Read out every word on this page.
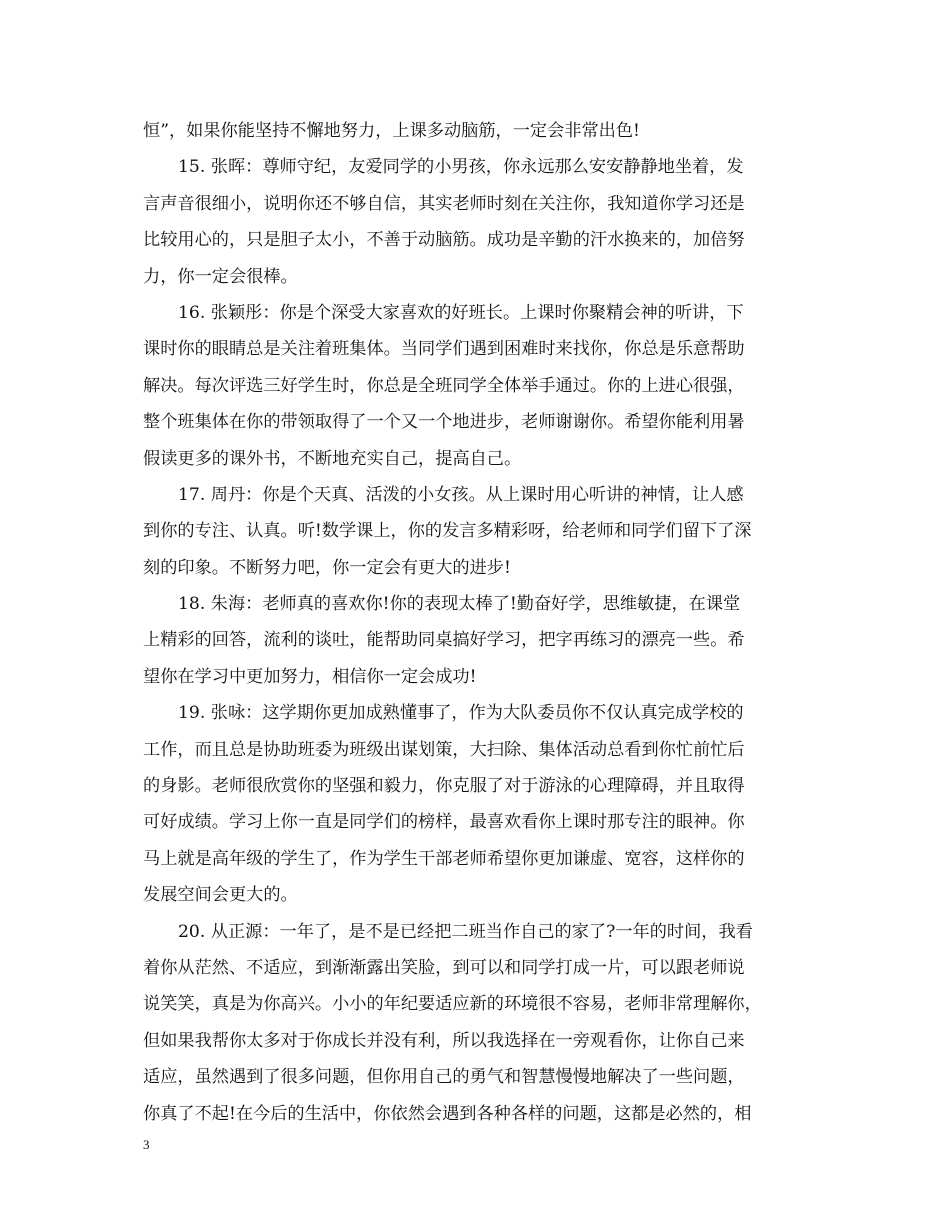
恒”，如果你能坚持不懈地努力，上课多动脑筋，一定会非常出色!
15. 张晖：尊师守纪，友爱同学的小男孩，你永远那么安安静静地坐着，发
言声音很细小，说明你还不够自信，其实老师时刻在关注你，我知道你学习还是
比较用心的，只是胆子太小，不善于动脑筋。成功是辛勤的汗水换来的，加倍努
力，你一定会很棒。
16. 张颖彤：你是个深受大家喜欢的好班长。上课时你聚精会神的听讲，下
课时你的眼睛总是关注着班集体。当同学们遇到困难时来找你，你总是乐意帮助
解决。每次评选三好学生时，你总是全班同学全体举手通过。你的上进心很强，
整个班集体在你的带领取得了一个又一个地进步，老师谢谢你。希望你能利用暑
假读更多的课外书，不断地充实自己，提高自己。
17. 周丹：你是个天真、活泼的小女孩。从上课时用心听讲的神情，让人感
到你的专注、认真。听!数学课上，你的发言多精彩呀，给老师和同学们留下了深
刻的印象。不断努力吧，你一定会有更大的进步!
18. 朱海：老师真的喜欢你!你的表现太棒了!勤奋好学，思维敏捷，在课堂
上精彩的回答，流利的谈吐，能帮助同桌搞好学习，把字再练习的漂亮一些。希
望你在学习中更加努力，相信你一定会成功!
19. 张咏：这学期你更加成熟懂事了，作为大队委员你不仅认真完成学校的
工作，而且总是协助班委为班级出谋划策，大扫除、集体活动总看到你忙前忙后
的身影。老师很欣赏你的坚强和毅力，你克服了对于游泳的心理障碍，并且取得
可好成绩。学习上你一直是同学们的榜样，最喜欢看你上课时那专注的眼神。你
马上就是高年级的学生了，作为学生干部老师希望你更加谦虚、宽容，这样你的
发展空间会更大的。
20. 从正源：一年了，是不是已经把二班当作自己的家了?一年的时间，我看
着你从茫然、不适应，到渐渐露出笑脸，到可以和同学打成一片，可以跟老师说
说笑笑，真是为你高兴。小小的年纪要适应新的环境很不容易，老师非常理解你，
但如果我帮你太多对于你成长并没有利，所以我选择在一旁观看你，让你自己来
适应，虽然遇到了很多问题，但你用自己的勇气和智慧慢慢地解决了一些问题，
你真了不起!在今后的生活中，你依然会遇到各种各样的问题，这都是必然的，相
3
